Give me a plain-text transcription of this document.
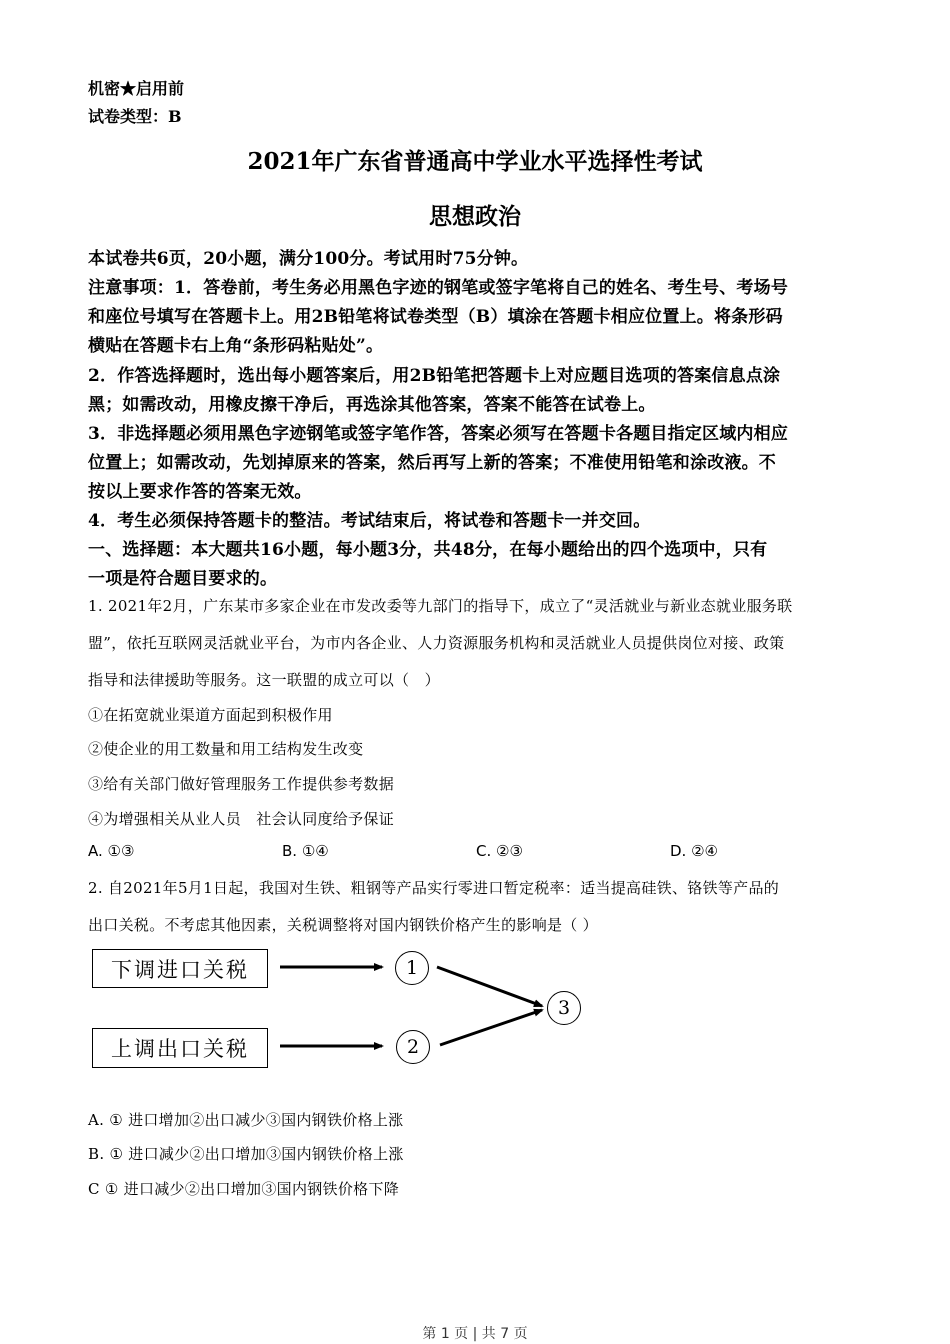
机密★启用前
试卷类型：B
2021年广东省普通高中学业水平选择性考试
思想政治
本试卷共6页，20小题，满分100分。考试用时75分钟。
注意事项：1．答卷前，考生务必用黑色字迹的钢笔或签字笔将自己的姓名、考生号、考场号
和座位号填写在答题卡上。用2B铅笔将试卷类型（B）填涂在答题卡相应位置上。将条形码
横贴在答题卡右上角“条形码粘贴处”。
2．作答选择题时，选出每小题答案后，用2B铅笔把答题卡上对应题目选项的答案信息点涂
黑；如需改动，用橡皮擦干净后，再选涂其他答案，答案不能答在试卷上。
3．非选择题必须用黑色字迹钢笔或签字笔作答，答案必须写在答题卡各题目指定区域内相应
位置上；如需改动，先划掉原来的答案，然后再写上新的答案；不准使用铅笔和涂改液。不
按以上要求作答的答案无效。
4．考生必须保持答题卡的整洁。考试结束后，将试卷和答题卡一并交回。
一、选择题：本大题共16小题，每小题3分，共48分，在每小题给出的四个选项中，只有
一项是符合题目要求的。
1. 2021年2月，广东某市多家企业在市发改委等九部门的指导下，成立了“灵活就业与新业态就业服务联
盟”，依托互联网灵活就业平台，为市内各企业、人力资源服务机构和灵活就业人员提供岗位对接、政策
指导和法律援助等服务。这一联盟的成立可以（　）
①在拓宽就业渠道方面起到积极作用
②使企业的用工数量和用工结构发生改变
③给有关部门做好管理服务工作提供参考数据
④为增强相关从业人员　社会认同度给予保证
A. ①③	B. ①④	C. ②③	D. ②④
2. 自2021年5月1日起，我国对生铁、粗钢等产品实行零进口暂定税率：适当提高硅铁、铬铁等产品的
出口关税。不考虑其他因素，关税调整将对国内钢铁价格产生的影响是（ ）
下调进口关税
上调出口关税
1
2
3
A. ① 进口增加②出口减少③国内钢铁价格上涨
B. ① 进口减少②出口增加③国内钢铁价格上涨
C ① 进口减少②出口增加③国内钢铁价格下降
第 1 页 | 共 7 页
